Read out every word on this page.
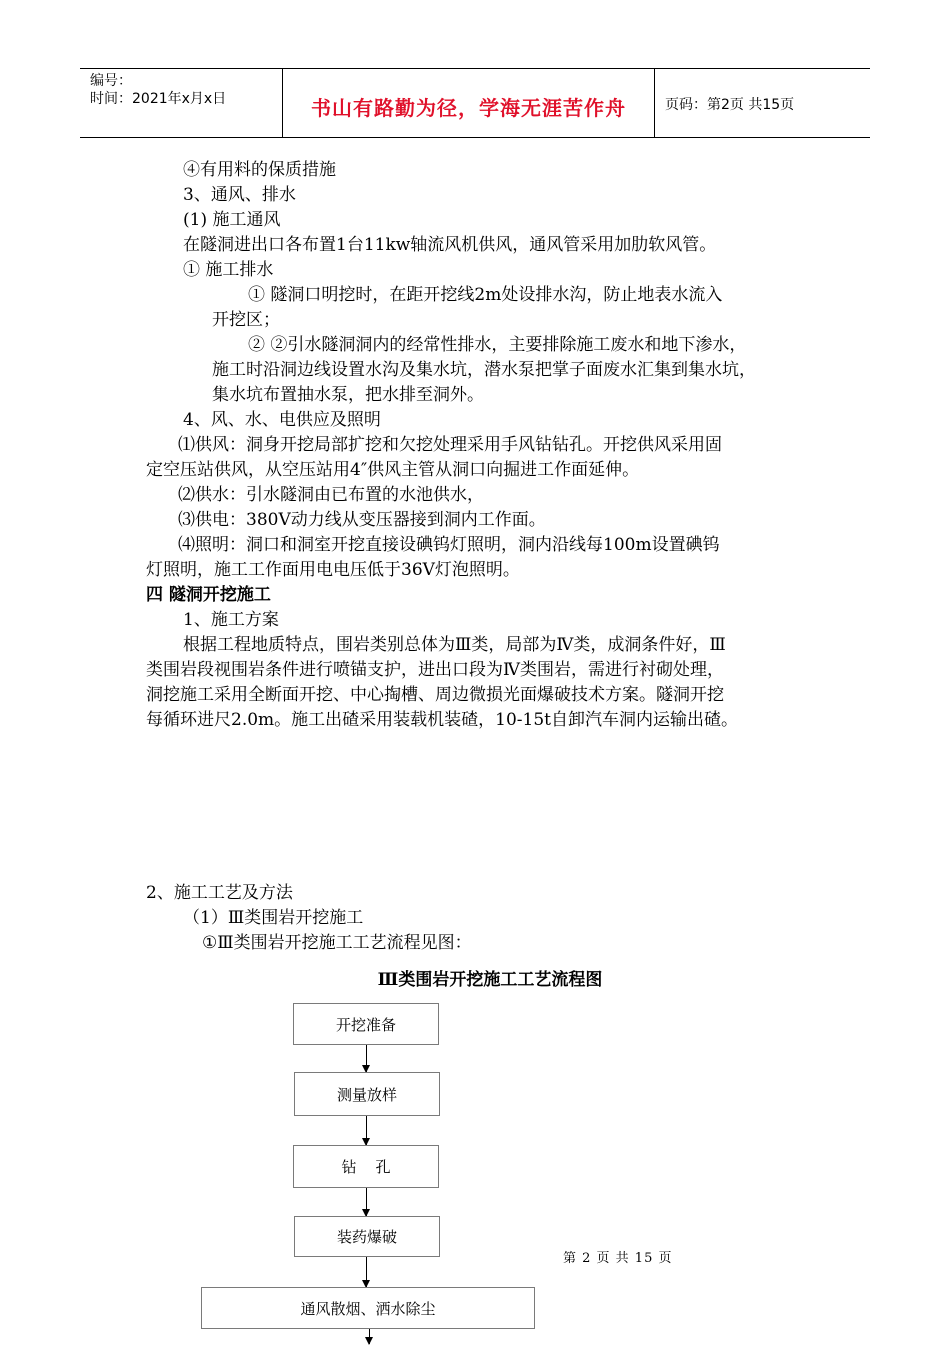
编号：
时间：2021年x月x日	书山有路勤为径，学海无涯苦作舟	页码：第2页 共15页
④有用料的保质措施
3、通风、排水
(1) 施工通风
在隧洞进出口各布置1台11kw轴流风机供风，通风管采用加肋软风管。
① 施工排水
① 隧洞口明挖时，在距开挖线2m处设排水沟，防止地表水流入
开挖区；
② ②引水隧洞洞内的经常性排水，主要排除施工废水和地下渗水，
施工时沿洞边线设置水沟及集水坑，潜水泵把掌子面废水汇集到集水坑，
集水坑布置抽水泵，把水排至洞外。
4、风、水、电供应及照明
⑴供风：洞身开挖局部扩挖和欠挖处理采用手风钻钻孔。开挖供风采用固
定空压站供风，从空压站用4″供风主管从洞口向掘进工作面延伸。
⑵供水：引水隧洞由已布置的水池供水，
⑶供电：380V动力线从变压器接到洞内工作面。
⑷照明：洞口和洞室开挖直接设碘钨灯照明，洞内沿线每100m设置碘钨
灯照明，施工工作面用电电压低于36V灯泡照明。
四 隧洞开挖施工
1、施工方案
根据工程地质特点，围岩类别总体为Ⅲ类，局部为Ⅳ类，成洞条件好，Ⅲ
类围岩段视围岩条件进行喷锚支护，进出口段为Ⅳ类围岩，需进行衬砌处理，
洞挖施工采用全断面开挖、中心掏槽、周边微损光面爆破技术方案。隧洞开挖
每循环进尺2.0m。施工出碴采用装载机装碴，10-15t自卸汽车洞内运输出碴。
2、施工工艺及方法
（1）Ⅲ类围岩开挖施工
①Ⅲ类围岩开挖施工工艺流程见图：
Ⅲ类围岩开挖施工工艺流程图
开挖准备
测量放样
钻    孔
装药爆破
通风散烟、洒水除尘
第 2 页 共 15 页
